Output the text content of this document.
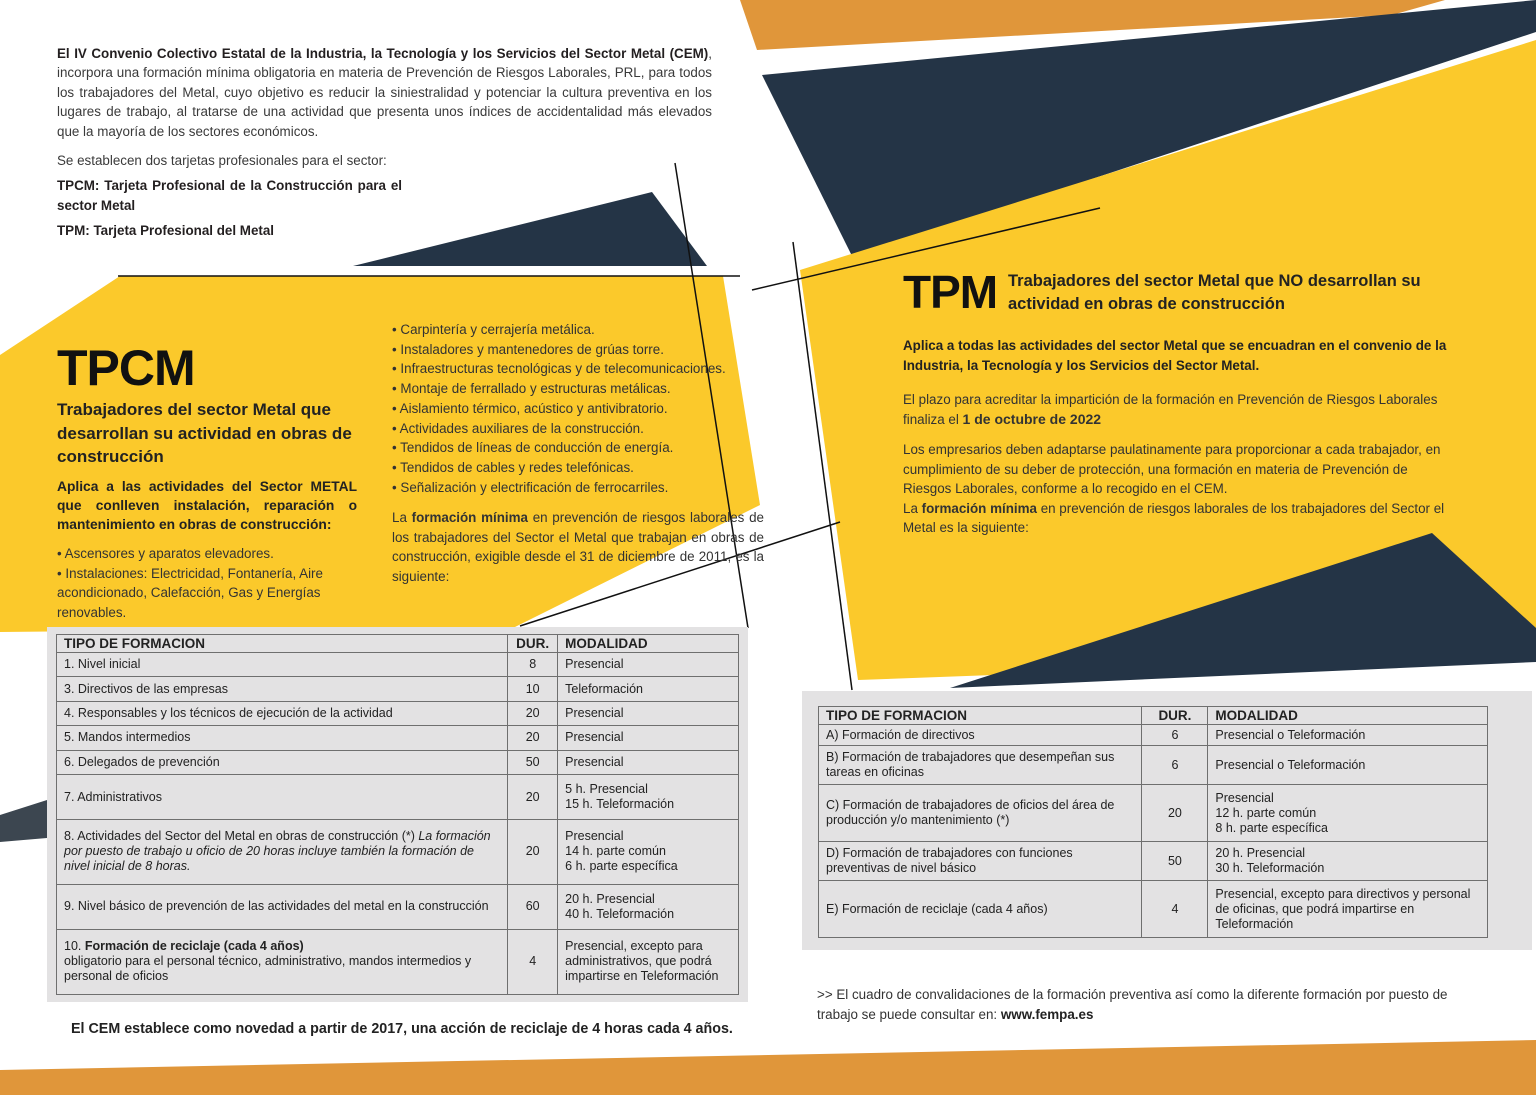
El IV Convenio Colectivo Estatal de la Industria, la Tecnología y los Servicios del Sector Metal (CEM), incorpora una formación mínima obligatoria en materia de Prevención de Riesgos Laborales, PRL, para todos los trabajadores del Metal, cuyo objetivo es reducir la siniestralidad y potenciar la cultura preventiva en los lugares de trabajo, al tratarse de una actividad que presenta unos índices de accidentalidad más elevados que la mayoría de los sectores económicos.

Se establecen dos tarjetas profesionales para el sector:

TPCM: Tarjeta Profesional de la Construcción para el sector Metal

TPM: Tarjeta Profesional del Metal

TPCM
Trabajadores del sector Metal que desarrollan su actividad en obras de construcción
Aplica a las actividades del Sector METAL que conlleven instalación, reparación o mantenimiento en obras de construcción:
• Ascensores y aparatos elevadores.
• Instalaciones: Electricidad, Fontanería, Aire acondicionado, Calefacción, Gas y Energías renovables.
• Carpintería y cerrajería metálica.
• Instaladores y mantenedores de grúas torre.
• Infraestructuras tecnológicas y de telecomunicaciones.
• Montaje de ferrallado y estructuras metálicas.
• Aislamiento térmico, acústico y antivibratorio.
• Actividades auxiliares de la construcción.
• Tendidos de líneas de conducción de energía.
• Tendidos de cables y redes telefónicas.
• Señalización y electrificación de ferrocarriles.
La formación mínima en prevención de riesgos laborales de los trabajadores del Sector el Metal que trabajan en obras de construcción, exigible desde el 31 de diciembre de 2011, es la siguiente:
TIPO DE FORMACION	DUR.	MODALIDAD
1. Nivel inicial	8	Presencial
3. Directivos de las empresas	10	Teleformación
4. Responsables y los técnicos de ejecución de la actividad	20	Presencial
5. Mandos intermedios	20	Presencial
6. Delegados de prevención	50	Presencial
7. Administrativos	20	5 h. Presencial
15 h. Teleformación

8. Actividades del Sector del Metal en obras de construcción (*) La formación por puesto de trabajo u oficio de 20 horas incluye también la formación de nivel inicial de 8 horas.	20	Presencial
14 h. parte común
6 h. parte específica

9. Nivel básico de prevención de las actividades del metal en la construcción	60	20 h. Presencial
40 h. Teleformación

10. Formación de reciclaje (cada 4 años)
obligatorio para el personal técnico, administrativo, mandos intermedios y personal de oficios	4	Presencial, excepto para administrativos, que podrá impartirse en Teleformación
El CEM establece como novedad a partir de 2017, una acción de reciclaje de 4 horas cada 4 años.
TPM Trabajadores del sector Metal que NO desarrollan su actividad en obras de construcción

Aplica a todas las actividades del sector Metal que se encuadran en el convenio de la Industria, la Tecnología y los Servicios del Sector Metal.

El plazo para acreditar la impartición de la formación en Prevención de Riesgos Laborales finaliza el 1 de octubre de 2022

Los empresarios deben adaptarse paulatinamente para proporcionar a cada trabajador, en cumplimiento de su deber de protección, una formación en materia de Prevención de Riesgos Laborales, conforme a lo recogido en el CEM.

La formación mínima en prevención de riesgos laborales de los trabajadores del Sector el Metal es la siguiente:

TIPO DE FORMACION	DUR.	MODALIDAD
A) Formación de directivos	6	Presencial o Teleformación
B) Formación de trabajadores que desempeñan sus tareas en oficinas	6	Presencial o Teleformación
C) Formación de trabajadores de oficios del área de producción y/o mantenimiento (*)	20	Presencial
12 h. parte común
8 h. parte específica

D) Formación de trabajadores con funciones preventivas de nivel básico	50	20 h. Presencial
30 h. Teleformación

E) Formación de reciclaje (cada 4 años)	4	Presencial, excepto para directivos y personal de oficinas, que podrá impartirse en Teleformación
>> El cuadro de convalidaciones de la formación preventiva así como la diferente formación por puesto de trabajo se puede consultar en: www.fempa.es
